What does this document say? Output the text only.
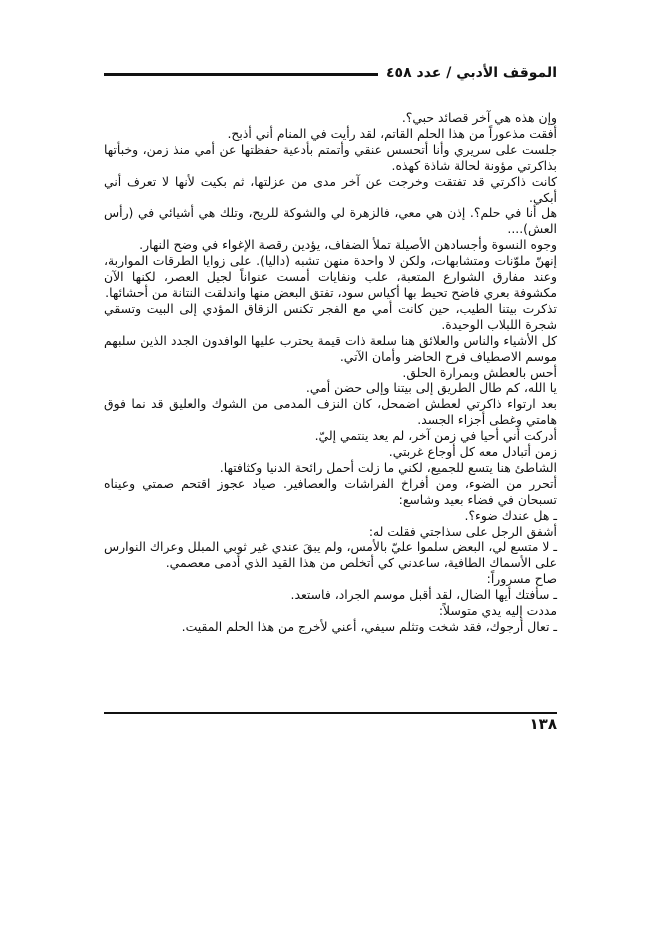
الموقف الأدبي / عدد ٤٥٨

وإن هذه هي آخر قصائد حبي؟.

أفقت مذعوراً من هذا الحلم القاتم، لقد رأيت في المنام أني أذبح.

جلست على سريري وأنا أتحسس عنقي وأتمتم بأدعية حفظتها عن أمي منذ زمن، وخبأتها بذاكرتي مؤونة لحالة شاذة كهذه.

كانت ذاكرتي قد تفتقت وخرجت عن آخر مدى من عزلتها، ثم بكيت لأنها لا تعرف أني أبكي.

هل أنا في حلم؟. إذن هي معي، فالزهرة لي والشوكة للريح، وتلك هي أشيائي في (رأس العش)....

وجوه النسوة وأجسادهن الأصيلة تملأ الضفاف، يؤدين رقصة الإغواء في وضح النهار.

إنهنّ ملوّنات ومتشابهات، ولكن لا واحدة منهن تشبه (داليا). على زوايا الطرقات المواربة، وعند مفارق الشوارع المتعبة، علب ونفايات أمست عنواناً لجيل العصر، لكنها الآن مكشوفة بعري فاضح تحيط بها أكياس سود، تفتق البعض منها واندلقت النتانة من أحشائها.

تذكرت بيتنا الطيب، حين كانت أمي مع الفجر تكنس الزقاق المؤدي إلى البيت وتسقي شجرة اللبلاب الوحيدة.

كل الأشياء والناس والعلائق هنا سلعة ذات قيمة يحترب عليها الوافدون الجدد الذين سلبهم موسم الاصطياف فرح الحاضر وأمان الآتي.

أحس بالعطش وبمرارة الحلق.

يا الله، كم طال الطريق إلى بيتنا وإلى حضن أمي.

بعد ارتواء ذاكرتي لعطش اضمحل، كان النزف المدمى من الشوك والعليق قد نما فوق هامتي وغطى أجزاء الجسد.

أدركت أني أحيا في زمن آخر، لم يعد ينتمي إليّ.

زمن أتبادل معه كل أوجاع غربتي.

الشاطئ هنا يتسع للجميع، لكني ما زلت أحمل رائحة الدنيا وكثافتها.

أتحرر من الضوء، ومن أفراخ الفراشات والعصافير. صياد عجوز اقتحم صمتي وعيناه تسبحان في فضاء بعيد وشاسع:

ـ هل عندك ضوء؟.

أشفق الرجل على سذاجتي فقلت له:

ـ لا متسع لي، البعض سلموا عليّ بالأمس، ولم يبقَ عندي غير ثوبي المبلل وعراك النوارس على الأسماك الطافية، ساعدني كي أتخلص من هذا القيد الذي أدمى معصمي.

صاح مسروراً:

ـ سأفتك أيها الضال، لقد أقبل موسم الجراد، فاستعد.

مددت إليه يدي متوسلاً:

ـ تعال أرجوك، فقد شخت وتثلم سيفي، أعني لأخرج من هذا الحلم المقيت.

١٣٨
